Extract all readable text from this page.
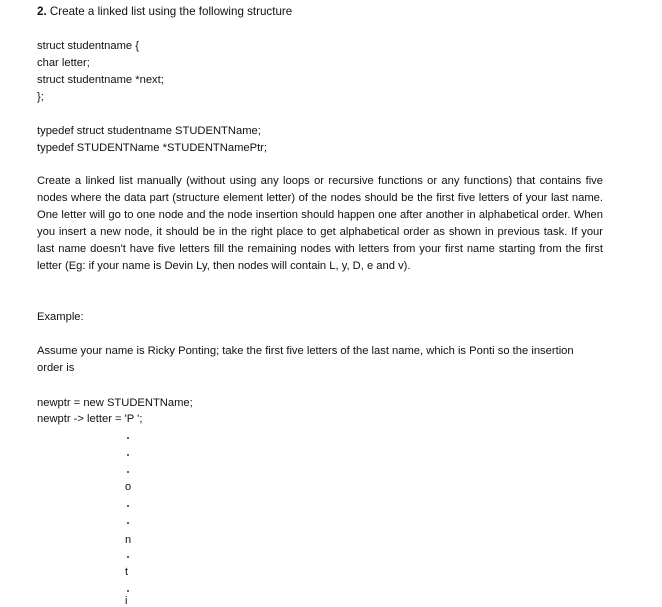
2. Create a linked list using the following structure
struct studentname {
char letter;
struct studentname *next;
};
typedef struct studentname STUDENTName;
typedef STUDENTName *STUDENTNamePtr;
Create a linked list manually (without using any loops or recursive functions or any functions) that contains five nodes where the data part (structure element letter) of the nodes should be the first five letters of your last name. One letter will go to one node and the node insertion should happen one after another in alphabetical order. When you insert a new node, it should be in the right place to get alphabetical order as shown in previous task. If your last name doesn't have five letters fill the remaining nodes with letters from your first name starting from the first letter (Eg: if your name is Devin Ly, then nodes will contain L, y, D, e and v).
Example:
Assume your name is Ricky Ponting; take the first five letters of the last name, which is Ponti so the insertion order is
newptr = new STUDENTName;
newptr -> letter = 'P ';
o
n
t
i
